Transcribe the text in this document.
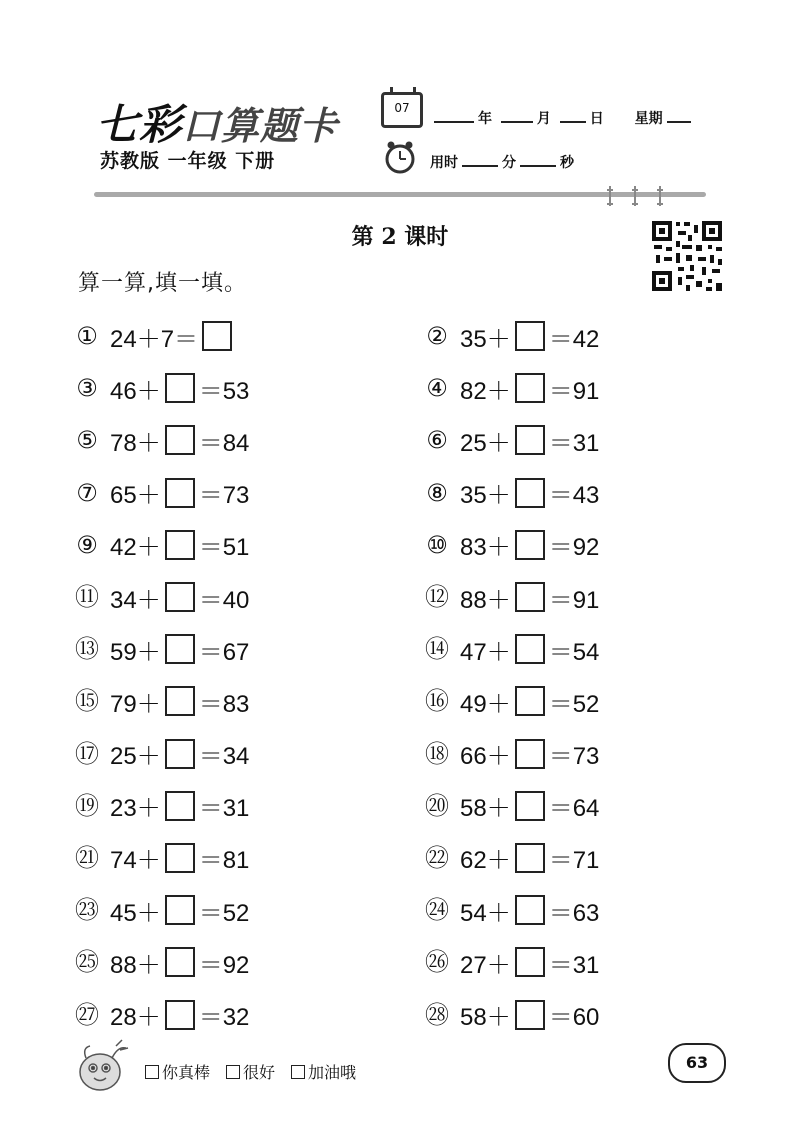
七彩口算题卡
苏教版 一年级 下册
07
年	月	日 星期
用时	分	秒
第 2 课时
算一算,填一填。
① 24＋7＝	② 35＋ ＝42
③ 46＋ ＝53	④ 82＋ ＝91
⑤ 78＋ ＝84	⑥ 25＋ ＝31
⑦ 65＋ ＝73	⑧ 35＋ ＝43
⑨ 42＋ ＝51	⑩ 83＋ ＝92
⑪ 34＋ ＝40	⑫ 88＋ ＝91
⑬ 59＋ ＝67	⑭ 47＋ ＝54
⑮ 79＋ ＝83	⑯ 49＋ ＝52
⑰ 25＋ ＝34	⑱ 66＋ ＝73
⑲ 23＋ ＝31	⑳ 58＋ ＝64
㉑ 74＋ ＝81	㉒ 62＋ ＝71
㉓ 45＋ ＝52	㉔ 54＋ ＝63
㉕ 88＋ ＝92	㉖ 27＋ ＝31
㉗ 28＋ ＝32	㉘ 58＋ ＝60
你真棒	很好	加油哦
63
